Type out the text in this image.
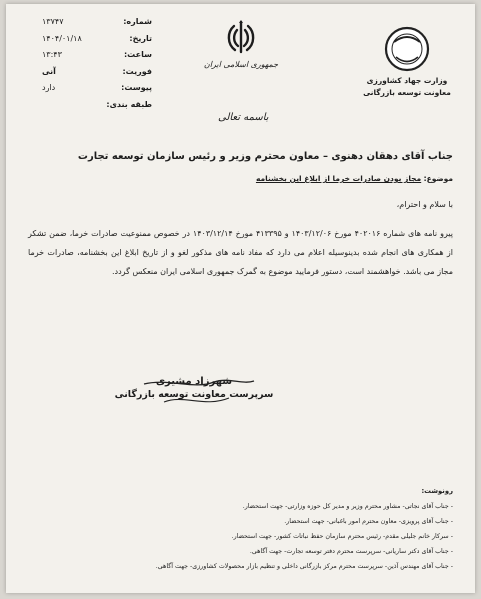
شماره:
۱۳۷۴۷
تاریخ:
۱۴۰۴/۰۱/۱۸
ساعت:
۱۳:۴۳
فوریت:
آنی
پیوست:
دارد
طبقه بندی:
جمهوری اسلامی ایران
وزارت جهاد کشاورزی
معاونت توسعه بازرگانی
باسمه تعالی
جناب آقای دهقان دهنوی – معاون محترم وزیر و رئیس سازمان توسعه تجارت
موضوع: مجاز بودن صادرات خرما از ابلاغ این بخشنامه
با سلام و احترام،
پیرو نامه های شماره ۴۰۲۰۱۶ مورخ ۱۴۰۳/۱۲/۰۶ و ۴۱۳۳۹۵ مورخ ۱۴۰۳/۱۲/۱۴ در خصوص ممنوعیت صادرات خرما، ضمن تشکر از همکاری های انجام شده بدینوسیله اعلام می دارد که مفاد نامه های مذکور لغو و از تاریخ ابلاغ این بخشنامه، صادرات خرما مجاز می باشد. خواهشمند است، دستور فرمایید موضوع به گمرک جمهوری اسلامی ایران منعکس گردد.
شهرزاد مشیری
سرپرست معاونت توسعه بازرگانی
رونوشت:
- جناب آقای نجاتی- مشاور محترم وزیر و مدیر کل حوزه وزارتی- جهت استحضار.
- جناب آقای پرویزی- معاون محترم امور باغبانی- جهت استحضار.
- سرکار خانم جلیلی مقدم- رئیس محترم سازمان حفظ نباتات کشور- جهت استحضار.
- جناب آقای دکتر ساریانی- سرپرست محترم دفتر توسعه تجارت- جهت آگاهی.
- جناب آقای مهندس آذین- سرپرست محترم مرکز بازرگانی داخلی و تنظیم بازار محصولات کشاورزی- جهت آگاهی.
